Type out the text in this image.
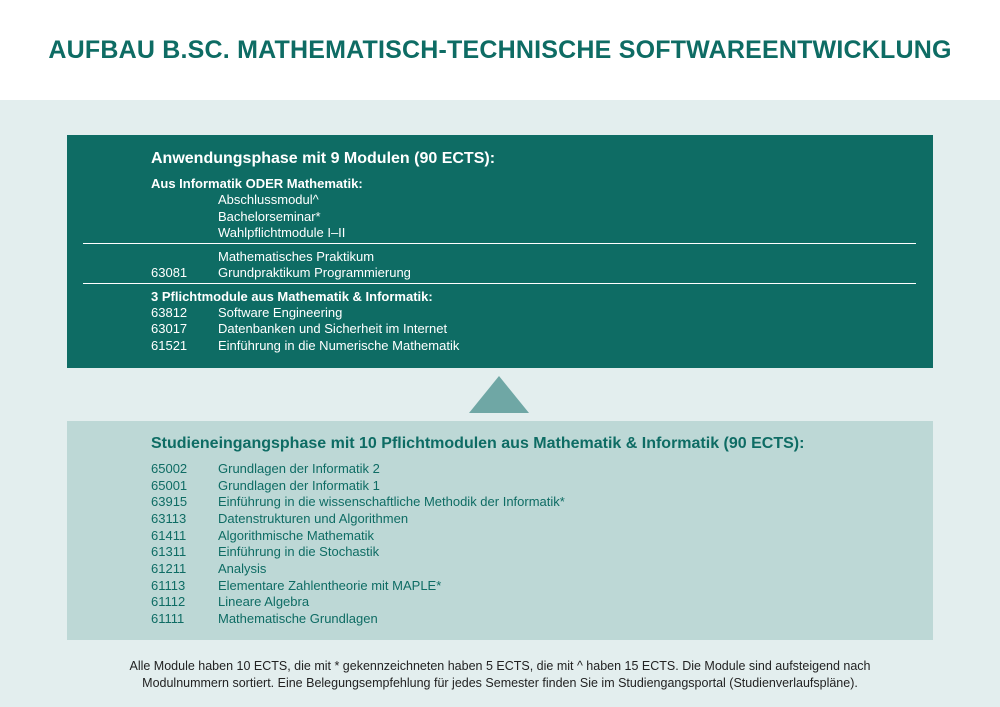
AUFBAU B.SC. MATHEMATISCH-TECHNISCHE SOFTWAREENTWICKLUNG
Anwendungsphase mit 9 Modulen (90 ECTS):
Aus Informatik ODER Mathematik:
Abschlussmodul^
Bachelorseminar*
Wahlpflichtmodule I–II
Mathematisches Praktikum
63081 Grundpraktikum Programmierung
3 Pflichtmodule aus Mathematik & Informatik:
63812 Software Engineering
63017 Datenbanken und Sicherheit im Internet
61521 Einführung in die Numerische Mathematik
Studieneingangsphase mit 10 Pflichtmodulen aus Mathematik & Informatik (90 ECTS):
65002 Grundlagen der Informatik 2
65001 Grundlagen der Informatik 1
63915 Einführung in die wissenschaftliche Methodik der Informatik*
63113 Datenstrukturen und Algorithmen
61411 Algorithmische Mathematik
61311 Einführung in die Stochastik
61211 Analysis
61113	Elementare Zahlentheorie mit MAPLE*
61112	Lineare Algebra
61111	Mathematische Grundlagen
Alle Module haben 10 ECTS, die mit * gekennzeichneten haben 5 ECTS, die mit ^ haben 15 ECTS. Die Module sind aufsteigend nach
Modulnummern sortiert. Eine Belegungsempfehlung für jedes Semester finden Sie im Studiengangsportal (Studienverlaufspläne).
